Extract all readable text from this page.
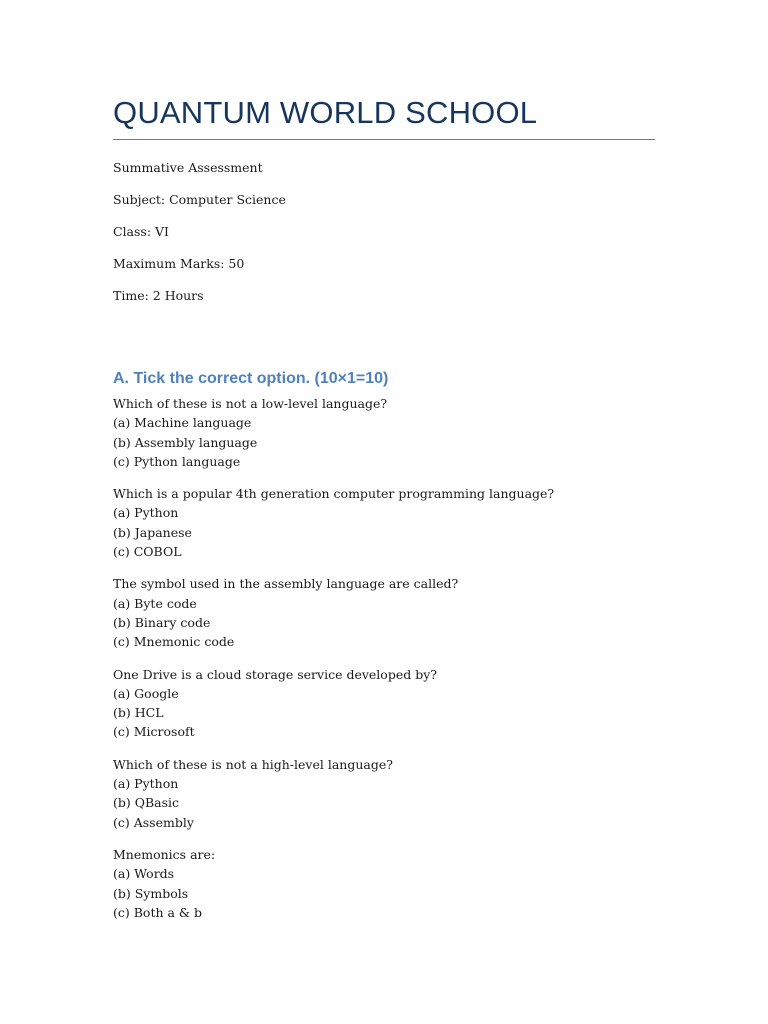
QUANTUM WORLD SCHOOL
Summative Assessment
Subject: Computer Science
Class: VI
Maximum Marks: 50
Time: 2 Hours
A. Tick the correct option. (10×1=10)
Which of these is not a low-level language?
(a) Machine language
(b) Assembly language
(c) Python language
Which is a popular 4th generation computer programming language?
(a) Python
(b) Japanese
(c) COBOL
The symbol used in the assembly language are called?
(a) Byte code
(b) Binary code
(c) Mnemonic code
One Drive is a cloud storage service developed by?
(a) Google
(b) HCL
(c) Microsoft
Which of these is not a high-level language?
(a) Python
(b) QBasic
(c) Assembly
Mnemonics are:
(a) Words
(b) Symbols
(c) Both a & b
